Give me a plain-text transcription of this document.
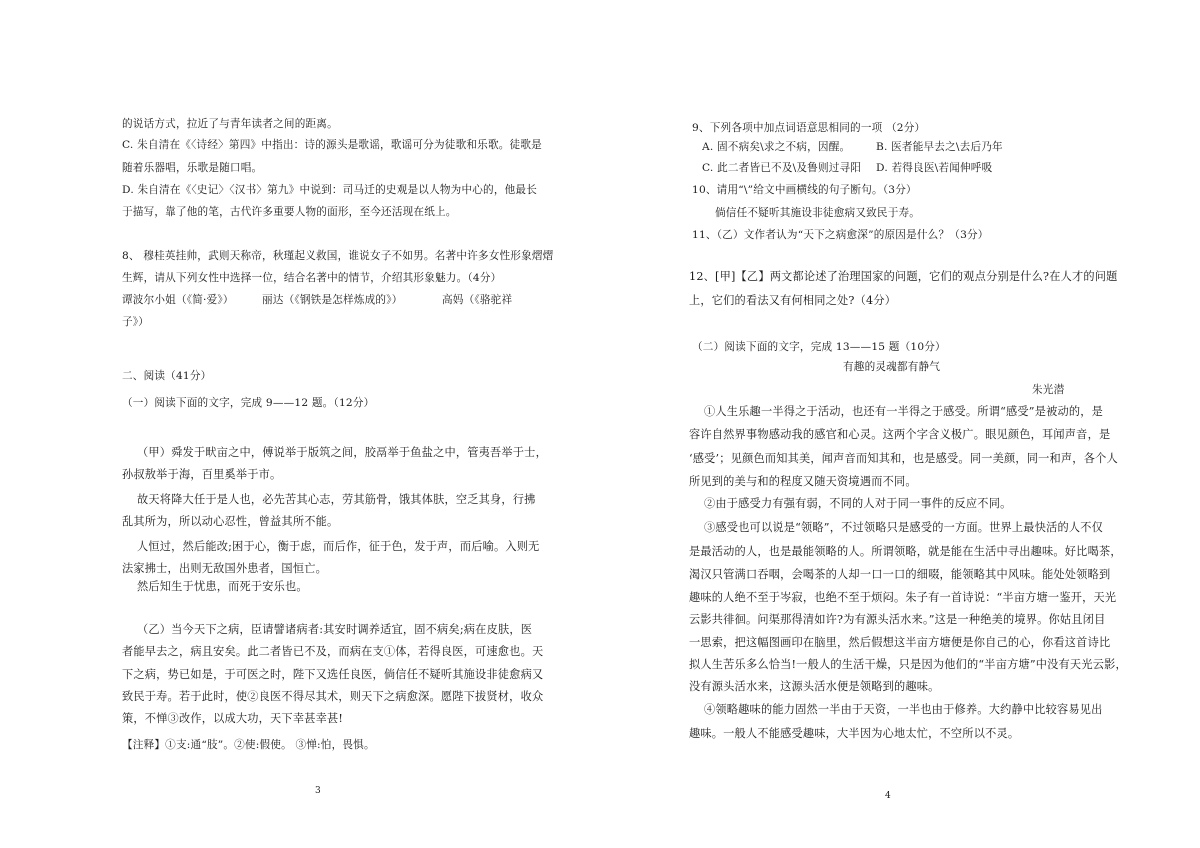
的说话方式，拉近了与青年读者之间的距离。
C. 朱自清在《〈诗经〉第四》中指出：诗的源头是歌谣，歌谣可分为徒歌和乐歌。徒歌是
随着乐器唱，乐歌是随口唱。
D. 朱自清在《〈史记〉〈汉书〉第九》中说到：司马迁的史观是以人物为中心的，他最长
于描写，靠了他的笔，古代许多重要人物的面形，至今还活现在纸上。
8、 穆桂英挂帅，武则天称帝，秋瑾起义救国，谁说女子不如男。名著中许多女性形象熠熠
生辉，请从下列女性中选择一位，结合名著中的情节，介绍其形象魅力。（4分）
谭波尔小姐（《简·爱》）	丽达（《钢铁是怎样炼成的》）	高妈（《骆驼祥
子》）
二、阅读（41分）
（一）阅读下面的文字，完成 9——12 题。（12分）
（甲）舜发于畎亩之中，傅说举于版筑之间，胶鬲举于鱼盐之中，管夷吾举于士，
孙叔敖举于海，百里奚举于市。
故天将降大任于是人也，必先苦其心志，劳其筋骨，饿其体肤，空乏其身，行拂
乱其所为，所以动心忍性，曾益其所不能。
人恒过，然后能改;困于心，衡于虑，而后作，征于色，发于声，而后喻。入则无
法家拂士，出则无敌国外患者，国恒亡。
然后知生于忧患，而死于安乐也。
（乙）当今天下之病，臣请譬诸病者:其安时调养适宜，固不病矣;病在皮肤，医
者能早去之，病且安矣。此二者皆已不及，而病在支①体，若得良医，可速愈也。天
下之病，势已如是，于可医之时，陛下又选任良医，倘信任不疑听其施设非徒愈病又
致民于寿。若于此时，使②良医不得尽其术，则天下之病愈深。愿陛下拔贤材，收众
策，不惮③改作，以成大功，天下幸甚幸甚!
【注释】①支:通“肢”。②使:假使。 ③惮:怕，畏惧。
3
9、下列各项中加点词语意思相同的一项 （2分）
A. 固不病矣\求之不病，因醒。 B. 医者能早去之\去后乃年
C. 此二者皆已不及\及鲁则过寻阳 D. 若得良医\若闻伸呼吸
10、请用“\”给文中画横线的句子断句。（3分）
倘信任不疑听其施设非徒愈病又致民于寿。
11、（乙）文作者认为“天下之病愈深”的原因是什么？（3分）
12、[甲]【乙】两文都论述了治理国家的问题，它们的观点分别是什么?在人才的问题
上，它们的看法又有何相同之处?（4分）
（二）阅读下面的文字，完成 13——15 题（10分）
有趣的灵魂都有静气
朱光潜
①人生乐趣一半得之于活动，也还有一半得之于感受。所谓“感受”是被动的，是
容许自然界事物感动我的感官和心灵。这两个字含义极广。眼见颜色，耳闻声音，是
‘感受’；见颜色而知其美，闻声音而知其和，也是感受。同一美颜，同一和声，各个人
所见到的美与和的程度又随天资境遇而不同。
②由于感受力有强有弱，不同的人对于同一事件的反应不同。
③感受也可以说是“领略”，不过领略只是感受的一方面。世界上最快活的人不仅
是最活动的人，也是最能领略的人。所谓领略，就是能在生活中寻出趣味。好比喝茶，
渴汉只管满口吞咽，会喝茶的人却一口一口的细啜，能领略其中风味。能处处领略到
趣味的人绝不至于岑寂，也绝不至于烦闷。朱子有一首诗说：“半亩方塘一鉴开，天光
云影共徘徊。问渠那得清如许?为有源头活水来。”这是一种绝美的境界。你姑且闭目
一思索，把这幅图画印在脑里，然后假想这半亩方塘便是你自己的心，你看这首诗比
拟人生苦乐多么恰当!一般人的生活干燥，只是因为他们的“半亩方塘”中没有天光云影，
没有源头活水来，这源头活水便是领略到的趣味。
④领略趣味的能力固然一半由于天资，一半也由于修养。大约静中比较容易见出
趣味。一般人不能感受趣味，大半因为心地太忙，不空所以不灵。
4
